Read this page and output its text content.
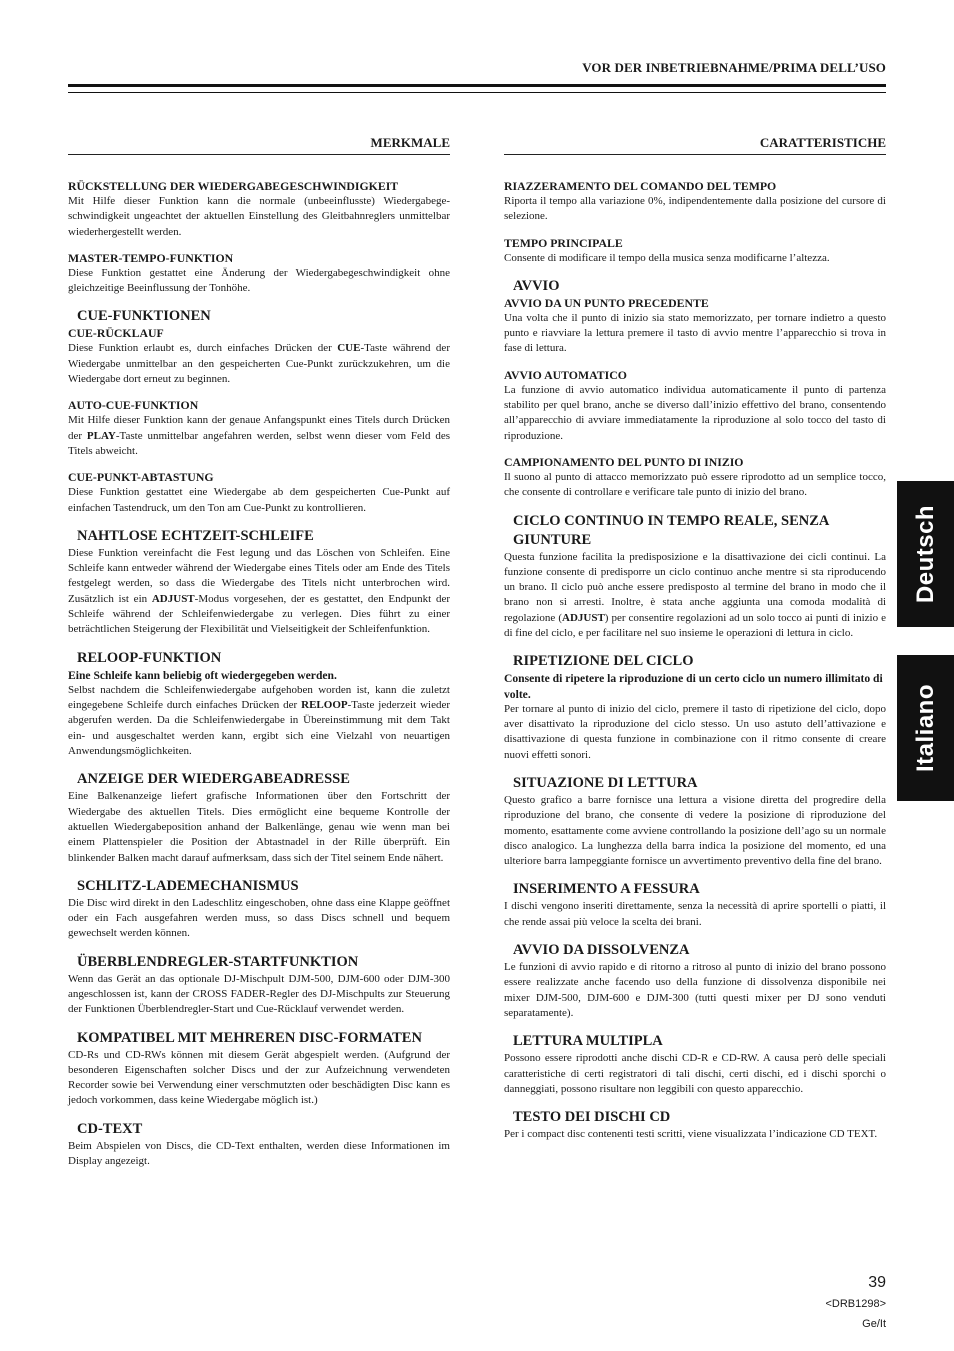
VOR DER INBETRIEBNAHME/PRIMA DELL’USO
MERKMALE
RÜCKSTELLUNG DER WIEDERGABEGESCHWINDIGKEIT
Mit Hilfe dieser Funktion kann die normale (unbeeinflusste) Wiedergabege-schwindigkeit ungeachtet der aktuellen Einstellung des Gleitbahnreglers unmittelbar wiederhergestellt werden.
MASTER-TEMPO-FUNKTION
Diese Funktion gestattet eine Änderung der Wiedergabegeschwindigkeit ohne gleichzeitige Beeinflussung der Tonhöhe.
CUE-FUNKTIONEN
CUE-RÜCKLAUF
Diese Funktion erlaubt es, durch einfaches Drücken der CUE-Taste während der Wiedergabe unmittelbar an den gespeicherten Cue-Punkt zurückzukehren, um die Wiedergabe dort erneut zu beginnen.
AUTO-CUE-FUNKTION
Mit Hilfe dieser Funktion kann der genaue Anfangspunkt eines Titels durch Drücken der PLAY-Taste unmittelbar angefahren werden, selbst wenn dieser vom Feld des Titels abweicht.
CUE-PUNKT-ABTASTUNG
Diese Funktion gestattet eine Wiedergabe ab dem gespeicherten Cue-Punkt auf einfachen Tastendruck, um den Ton am Cue-Punkt zu kontrollieren.
NAHTLOSE ECHTZEIT-SCHLEIFE
Diese Funktion vereinfacht die Fest legung und das Löschen von Schleifen. Eine Schleife kann entweder während der Wiedergabe eines Titels oder am Ende des Titels festgelegt werden, so dass die Wiedergabe des Titels nicht unterbrochen wird. Zusätzlich ist ein ADJUST-Modus vorgesehen, der es gestattet, den Endpunkt der Schleife während der Schleifenwiedergabe zu verlegen. Dies führt zu einer beträchtlichen Steigerung der Flexibilität und Vielseitigkeit der Schleifenfunktion.
RELOOP-FUNKTION
Eine Schleife kann beliebig oft wiedergegeben werden.
Selbst nachdem die Schleifenwiedergabe aufgehoben worden ist, kann die zuletzt eingegebene Schleife durch einfaches Drücken der RELOOP-Taste jederzeit wieder abgerufen werden. Da die Schleifenwiedergabe in Übereinstimmung mit dem Takt ein- und ausgeschaltet werden kann, ergibt sich eine Vielzahl von neuartigen Anwendungsmöglichkeiten.
ANZEIGE DER WIEDERGABEADRESSE
Eine Balkenanzeige liefert grafische Informationen über den Fortschritt der Wiedergabe des aktuellen Titels. Dies ermöglicht eine bequeme Kontrolle der aktuellen Wiedergabeposition anhand der Balkenlänge, genau wie wenn man bei einem Plattenspieler die Position der Abtastnadel in der Rille überprüft. Ein blinkender Balken macht darauf aufmerksam, dass sich der Titel seinem Ende nähert.
SCHLITZ-LADEMECHANISMUS
Die Disc wird direkt in den Ladeschlitz eingeschoben, ohne dass eine Klappe geöffnet oder ein Fach ausgefahren werden muss, so dass Discs schnell und bequem gewechselt werden können.
ÜBERBLENDREGLER-STARTFUNKTION
Wenn das Gerät an das optionale DJ-Mischpult DJM-500, DJM-600 oder DJM-300 angeschlossen ist, kann der CROSS FADER-Regler des DJ-Mischpults zur Steuerung der Funktionen Überblendregler-Start und Cue-Rücklauf verwendet werden.
KOMPATIBEL MIT MEHREREN DISC-FORMATEN
CD-Rs und CD-RWs können mit diesem Gerät abgespielt werden. (Aufgrund der besonderen Eigenschaften solcher Discs und der zur Aufzeichnung verwendeten Recorder sowie bei Verwendung einer verschmutzten oder beschädigten Disc kann es jedoch vorkommen, dass keine Wiedergabe möglich ist.)
CD-TEXT
Beim Abspielen von Discs, die CD-Text enthalten, werden diese Informationen im Display angezeigt.
CARATTERISTICHE
RIAZZERAMENTO DEL COMANDO DEL TEMPO
Riporta il tempo alla variazione 0%, indipendentemente dalla posizione del cursore di selezione.
TEMPO PRINCIPALE
Consente di modificare il tempo della musica senza modificarne l’altezza.
AVVIO
AVVIO DA UN PUNTO PRECEDENTE
Una volta che il punto di inizio sia stato memorizzato, per tornare indietro a questo punto e riavviare la lettura premere il tasto di avvio mentre l’apparecchio si trova in fase di lettura.
AVVIO AUTOMATICO
La funzione di avvio automatico individua automaticamente il punto di partenza stabilito per quel brano, anche se diverso dall’inizio effettivo del brano, consentendo all’apparecchio di avviare immediatamente la riproduzione al solo tocco del tasto di riproduzione.
CAMPIONAMENTO DEL PUNTO DI INIZIO
Il suono al punto di attacco memorizzato può essere riprodotto ad un semplice tocco, che consente di controllare e verificare tale punto di inizio del brano.
CICLO CONTINUO IN TEMPO REALE, SENZA GIUNTURE
Questa funzione facilita la predisposizione e la disattivazione dei cicli continui. La funzione consente di predisporre un ciclo continuo anche mentre si sta riproducendo un brano. Il ciclo può anche essere predisposto al termine del brano in modo che il brano non si arresti. Inoltre, è stata anche aggiunta una comoda modalità di regolazione (ADJUST) per consentire regolazioni ad un solo tocco ai punti di inizio e di fine del ciclo, e per facilitare nel suo insieme le operazioni di lettura in ciclo.
RIPETIZIONE DEL CICLO
Consente di ripetere la riproduzione di un certo ciclo un numero illimitato di volte.
Per tornare al punto di inizio del ciclo, premere il tasto di ripetizione del ciclo, dopo aver disattivato la riproduzione del ciclo stesso. Un uso astuto dell’attivazione e disattivazione di questa funzione in combinazione con il ritmo consente di creare nuovi effetti sonori.
SITUAZIONE DI LETTURA
Questo grafico a barre fornisce una lettura a visione diretta del progredire della riproduzione del brano, che consente di vedere la posizione di riproduzione del momento, esattamente come avviene controllando la posizione dell’ago su un normale disco analogico. La lunghezza della barra indica la posizione del momento, ed una ulteriore barra lampeggiante fornisce un avvertimento preventivo della fine del brano.
INSERIMENTO A FESSURA
I dischi vengono inseriti direttamente, senza la necessità di aprire sportelli o piatti, il che rende assai più veloce la scelta dei brani.
AVVIO DA DISSOLVENZA
Le funzioni di avvio rapido e di ritorno a ritroso al punto di inizio del brano possono essere realizzate anche facendo uso della funzione di dissolvenza disponibile nei mixer DJM-500, DJM-600 e DJM-300 (tutti questi mixer per DJ sono venduti separatamente).
LETTURA MULTIPLA
Possono essere riprodotti anche dischi CD-R e CD-RW. A causa però delle speciali caratteristiche di certi registratori di tali dischi, certi dischi, ed i dischi sporchi o danneggiati, possono risultare non leggibili con questo apparecchio.
TESTO DEI DISCHI CD
Per i compact disc contenenti testi scritti, viene visualizzata l’indicazione CD TEXT.
Deutsch
Italiano
39
<DRB1298>
Ge/It
